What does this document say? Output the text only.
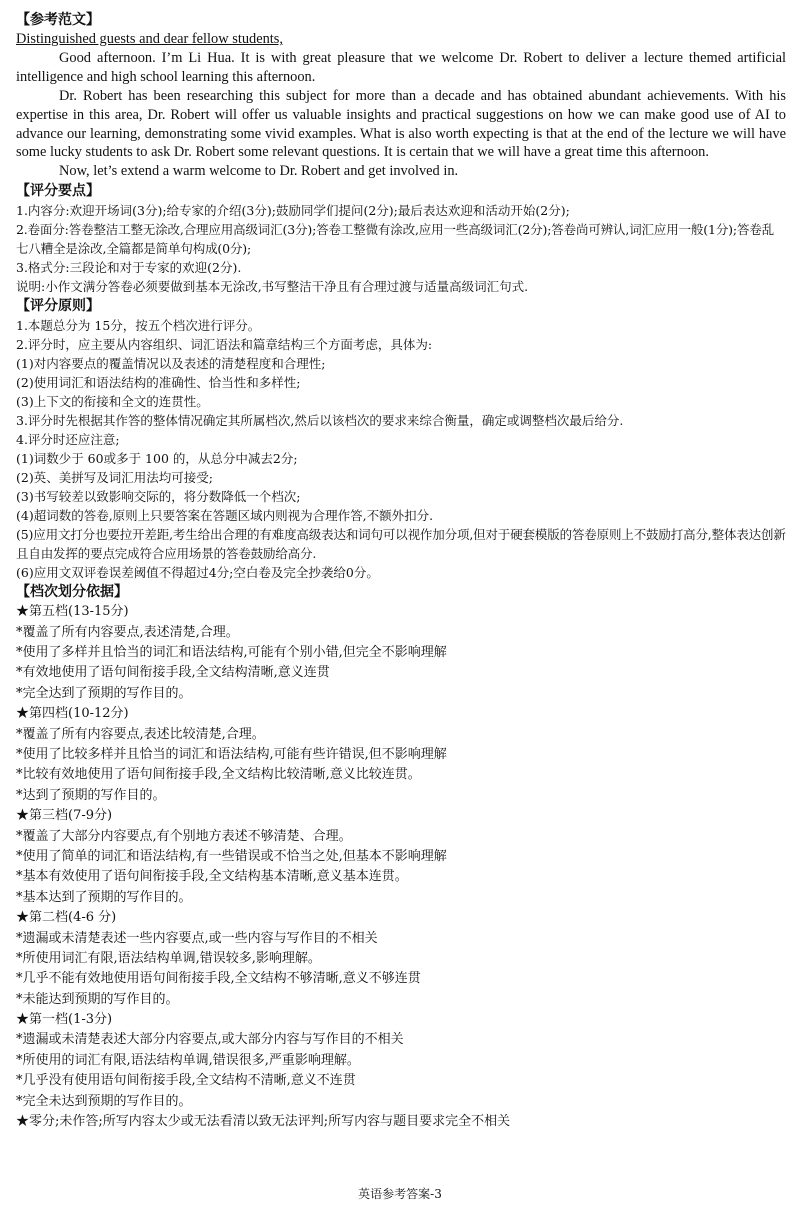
【参考范文】
Distinguished guests and dear fellow students,
Good afternoon. I’m Li Hua. It is with great pleasure that we welcome Dr. Robert to deliver a lecture themed artificial intelligence and high school learning this afternoon.
Dr. Robert has been researching this subject for more than a decade and has obtained abundant achievements. With his expertise in this area, Dr. Robert will offer us valuable insights and practical suggestions on how we can make good use of AI to advance our learning, demonstrating some vivid examples. What is also worth expecting is that at the end of the lecture we will have some lucky students to ask Dr. Robert some relevant questions. It is certain that we will have a great time this afternoon.
Now, let’s extend a warm welcome to Dr. Robert and get involved in.
【评分要点】
1.内容分:欢迎开场词(3分);给专家的介绍(3分);鼓励同学们提问(2分);最后表达欢迎和活动开始(2分);
2.卷面分:答卷整洁工整无涂改,合理应用高级词汇(3分);答卷工整微有涂改,应用一些高级词汇(2分);答卷尚可辨认,词汇应用一般(1分);答卷乱七八糟全是涂改,全篇都是简单句构成(0分);
3.格式分:三段论和对于专家的欢迎(2分).
说明:小作文满分答卷必须要做到基本无涂改,书写整洁干净且有合理过渡与适量高级词汇句式.
【评分原则】
1.本题总分为 15分，按五个档次进行评分。
2.评分时，应主要从内容组织、词汇语法和篇章结构三个方面考虑，具体为:
(1)对内容要点的覆盖情况以及表述的清楚程度和合理性;
(2)使用词汇和语法结构的准确性、恰当性和多样性;
(3)上下文的衔接和全文的连贯性。
3.评分时先根据其作答的整体情况确定其所属档次,然后以该档次的要求来综合衡量，确定或调整档次最后给分.
4.评分时还应注意;
(1)词数少于 60或多于 100 的，从总分中减去2分;
(2)英、美拼写及词汇用法均可接受;
(3)书写较差以致影响交际的，将分数降低一个档次;
(4)超词数的答卷,原则上只要答案在答题区域内则视为合理作答,不额外扣分.
(5)应用文打分也要拉开差距,考生给出合理的有难度高级表达和词句可以视作加分项,但对于硬套模版的答卷原则上不鼓励打高分,整体表达创新且自由发挥的要点完成符合应用场景的答卷鼓励给高分.
(6)应用文双评卷误差阈值不得超过4分;空白卷及完全抄袭给0分。
【档次划分依据】
★第五档(13-15分)
*覆盖了所有内容要点,表述清楚,合理。
*使用了多样并且恰当的词汇和语法结构,可能有个别小错,但完全不影响理解
*有效地使用了语句间衔接手段,全文结构清晰,意义连贯
*完全达到了预期的写作目的。
★第四档(10-12分)
*覆盖了所有内容要点,表述比较清楚,合理。
*使用了比较多样并且恰当的词汇和语法结构,可能有些许错误,但不影响理解
*比较有效地使用了语句间衔接手段,全文结构比较清晰,意义比较连贯。
*达到了预期的写作目的。
★第三档(7-9分)
*覆盖了大部分内容要点,有个别地方表述不够清楚、合理。
*使用了简单的词汇和语法结构,有一些错误或不恰当之处,但基本不影响理解
*基本有效使用了语句间衔接手段,全文结构基本清晰,意义基本连贯。
*基本达到了预期的写作目的。
★第二档(4-6 分)
*遗漏或未清楚表述一些内容要点,或一些内容与写作目的不相关
*所使用词汇有限,语法结构单调,错误较多,影响理解。
*几乎不能有效地使用语句间衔接手段,全文结构不够清晰,意义不够连贯
*未能达到预期的写作目的。
★第一档(1-3分)
*遗漏或未清楚表述大部分内容要点,或大部分内容与写作目的不相关
*所使用的词汇有限,语法结构单调,错误很多,严重影响理解。
*几乎没有使用语句间衔接手段,全文结构不清晰,意义不连贯
*完全未达到预期的写作目的。
★零分;未作答;所写内容太少或无法看清以致无法评判;所写内容与题目要求完全不相关
英语参考答案-3
